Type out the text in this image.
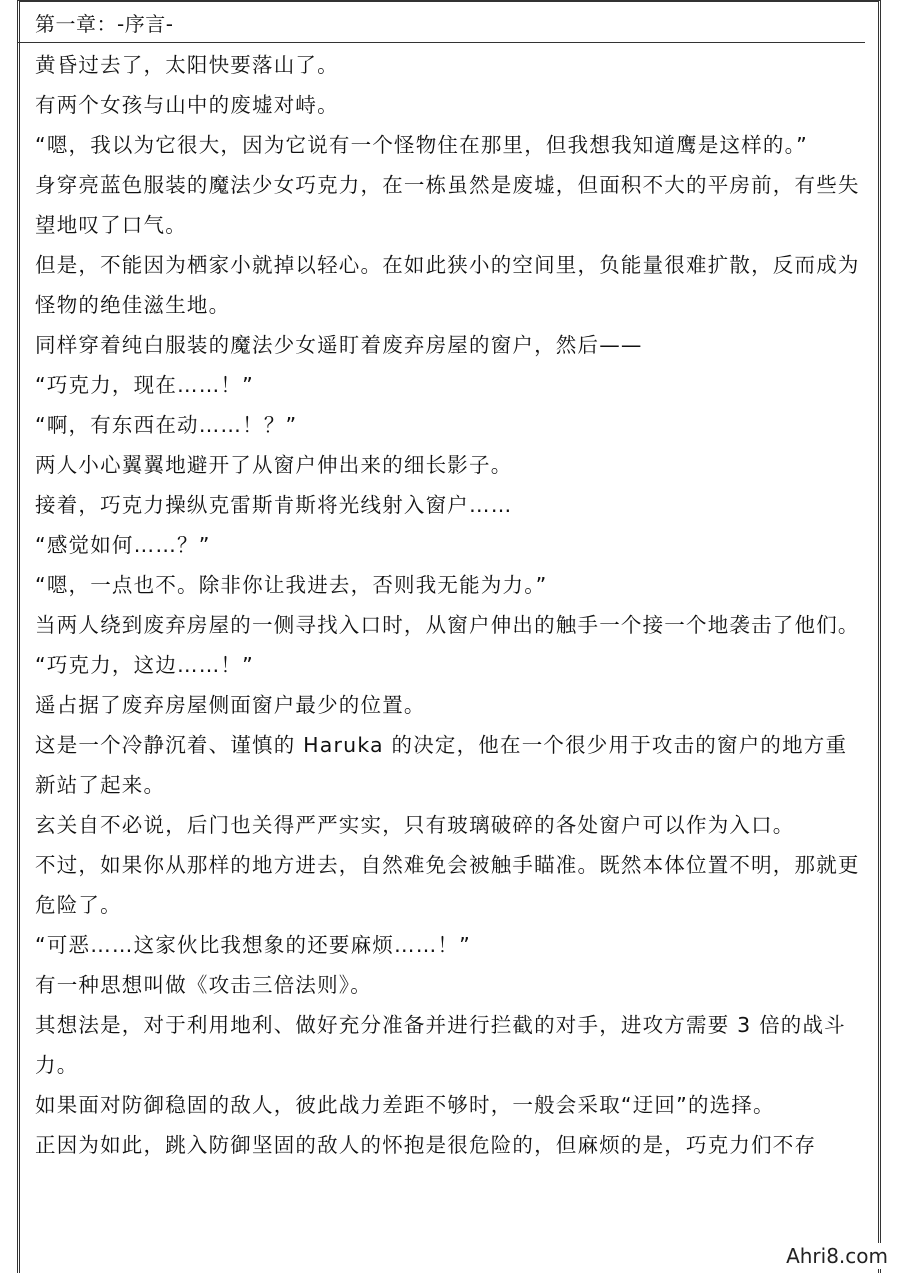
第一章：-序言-

黄昏过去了，太阳快要落山了。

有两个女孩与山中的废墟对峙。

“嗯，我以为它很大，因为它说有一个怪物住在那里，但我想我知道鹰是这样的。”

身穿亮蓝色服装的魔法少女巧克力，在一栋虽然是废墟，但面积不大的平房前，有些失望地叹了口气。

但是，不能因为栖家小就掉以轻心。在如此狭小的空间里，负能量很难扩散，反而成为怪物的绝佳滋生地。

同样穿着纯白服装的魔法少女遥盯着废弃房屋的窗户，然后——

“巧克力，现在……！”

“啊，有东西在动……！？”

两人小心翼翼地避开了从窗户伸出来的细长影子。

接着，巧克力操纵克雷斯肯斯将光线射入窗户……

“感觉如何……？”

“嗯，一点也不。除非你让我进去，否则我无能为力。”

当两人绕到废弃房屋的一侧寻找入口时，从窗户伸出的触手一个接一个地袭击了他们。

“巧克力，这边……！”

遥占据了废弃房屋侧面窗户最少的位置。

这是一个冷静沉着、谨慎的 Haruka 的决定，他在一个很少用于攻击的窗户的地方重新站了起来。

玄关自不必说，后门也关得严严实实，只有玻璃破碎的各处窗户可以作为入口。

不过，如果你从那样的地方进去，自然难免会被触手瞄准。既然本体位置不明，那就更危险了。

“可恶……这家伙比我想象的还要麻烦……！”

有一种思想叫做《攻击三倍法则》。

其想法是，对于利用地利、做好充分准备并进行拦截的对手，进攻方需要 3 倍的战斗力。

如果面对防御稳固的敌人，彼此战力差距不够时，一般会采取“迂回”的选择。

正因为如此，跳入防御坚固的敌人的怀抱是很危险的，但麻烦的是，巧克力们不存

Ahri8.com
